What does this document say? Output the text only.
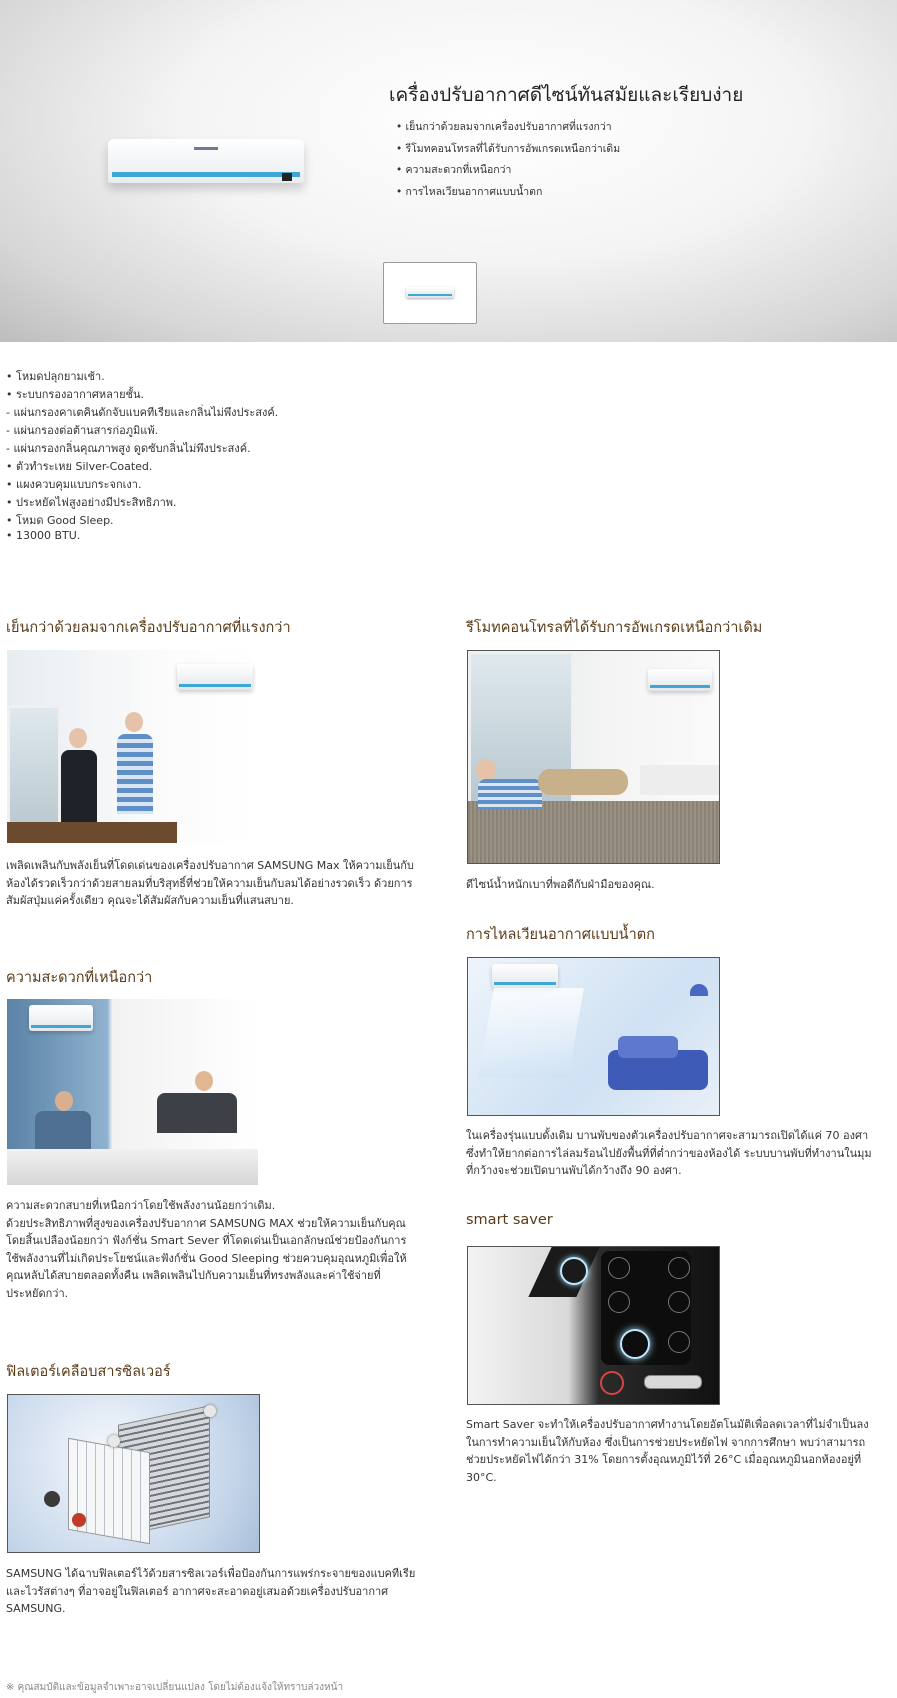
เครื่องปรับอากาศดีไซน์ทันสมัยและเรียบง่าย
• เย็นกว่าด้วยลมจากเครื่องปรับอากาศที่แรงกว่า
• รีโมทคอนโทรลที่ได้รับการอัพเกรดเหนือกว่าเดิม
• ความสะดวกที่เหนือกว่า
• การไหลเวียนอากาศแบบน้ำตก
• โหมดปลุกยามเช้า.
• ระบบกรองอากาศหลายชั้น.
- แผ่นกรองคาเตคินดักจับแบคทีเรียและกลิ่นไม่พึงประสงค์.
- แผ่นกรองต่อต้านสารก่อภูมิแพ้.
- แผ่นกรองกลิ่นคุณภาพสูง ดูดซับกลิ่นไม่พึงประสงค์.
• ตัวทำระเหย Silver-Coated.
• แผงควบคุมแบบกระจกเงา.
• ประหยัดไฟสูงอย่างมีประสิทธิภาพ.
• โหมด Good Sleep.
• 13000 BTU.
เย็นกว่าด้วยลมจากเครื่องปรับอากาศที่แรงกว่า

เพลิดเพลินกับพลังเย็นที่โดดเด่นของเครื่องปรับอากาศ SAMSUNG Max ให้ความเย็นกับ
ห้องได้รวดเร็วกว่าด้วยสายลมที่บริสุทธิ์ที่ช่วยให้ความเย็นกับลมได้อย่างรวดเร็ว ด้วยการ
สัมผัสปุ่มแค่ครั้งเดียว คุณจะได้สัมผัสกับความเย็นที่แสนสบาย.

ความสะดวกที่เหนือกว่า

ความสะดวกสบายที่เหนือกว่าโดยใช้พลังงานน้อยกว่าเดิม.
ด้วยประสิทธิภาพที่สูงของเครื่องปรับอากาศ SAMSUNG MAX ช่วยให้ความเย็นกับคุณ
โดยสิ้นเปลืองน้อยกว่า ฟังก์ชั่น Smart Sever ที่โดดเด่นเป็นเอกลักษณ์ช่วยป้องกันการ
ใช้พลังงานที่ไม่เกิดประโยชน์และฟังก์ชั่น Good Sleeping ช่วยควบคุมอุณหภูมิเพื่อให้
คุณหลับได้สบายตลอดทั้งคืน เพลิดเพลินไปกับความเย็นที่ทรงพลังและค่าใช้จ่ายที่
ประหยัดกว่า.

ฟิลเตอร์เคลือบสารซิลเวอร์

SAMSUNG ได้ฉาบฟิลเตอร์ไว้ด้วยสารซิลเวอร์เพื่อป้องกันการแพร่กระจายของแบคทีเรีย
และไวรัสต่างๆ ที่อาจอยู่ในฟิลเตอร์ อากาศจะสะอาดอยู่เสมอด้วยเครื่องปรับอากาศ
SAMSUNG.

รีโมทคอนโทรลที่ได้รับการอัพเกรดเหนือกว่าเดิม

ดีไซน์น้ำหนักเบาที่พอดีกับฝ่ามือของคุณ.

การไหลเวียนอากาศแบบน้ำตก

ในเครื่องรุ่นแบบดั้งเดิม บานพับของตัวเครื่องปรับอากาศจะสามารถเปิดได้แค่ 70 องศา
ซึ่งทำให้ยากต่อการไล่ลมร้อนไปยังพื้นที่ที่ต่ำกว่าของห้องได้ ระบบบานพับที่ทำงานในมุม
ที่กว้างจะช่วยเปิดบานพับได้กว้างถึง 90 องศา.

smart saver

Smart Saver จะทำให้เครื่องปรับอากาศทำงานโดยอัตโนมัติเพื่อลดเวลาที่ไม่จำเป็นลง
ในการทำความเย็นให้กับห้อง ซึ่งเป็นการช่วยประหยัดไฟ จากการศึกษา พบว่าสามารถ
ช่วยประหยัดไฟได้กว่า 31% โดยการตั้งอุณหภูมิไว้ที่ 26°C เมื่ออุณหภูมินอกห้องอยู่ที่
30°C.

※ คุณสมบัติและข้อมูลจำเพาะอาจเปลี่ยนแปลง โดยไม่ต้องแจ้งให้ทราบล่วงหน้า
